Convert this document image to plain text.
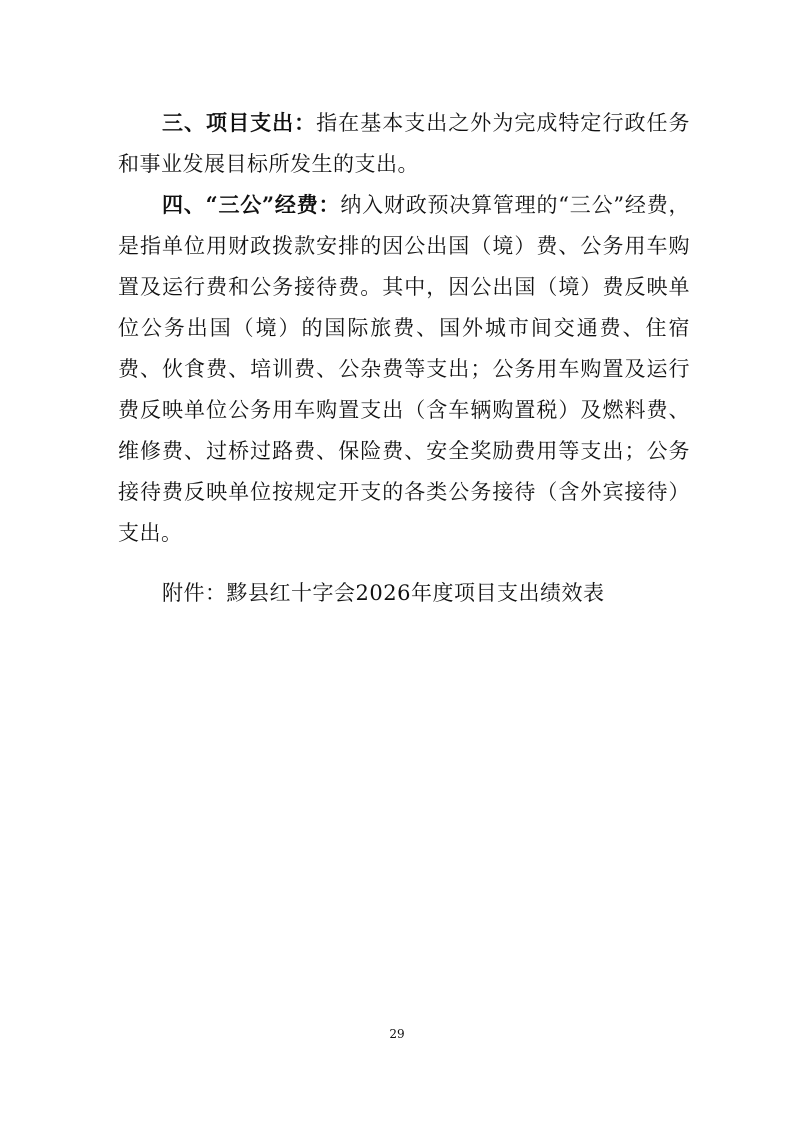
三、项目支出：指在基本支出之外为完成特定行政任务和事业发展目标所发生的支出。

四、“三公”经费：纳入财政预决算管理的“三公”经费，是指单位用财政拨款安排的因公出国（境）费、公务用车购置及运行费和公务接待费。其中，因公出国（境）费反映单位公务出国（境）的国际旅费、国外城市间交通费、住宿费、伙食费、培训费、公杂费等支出；公务用车购置及运行费反映单位公务用车购置支出（含车辆购置税）及燃料费、维修费、过桥过路费、保险费、安全奖励费用等支出；公务接待费反映单位按规定开支的各类公务接待（含外宾接待）支出。

附件：黟县红十字会2026年度项目支出绩效表
29
